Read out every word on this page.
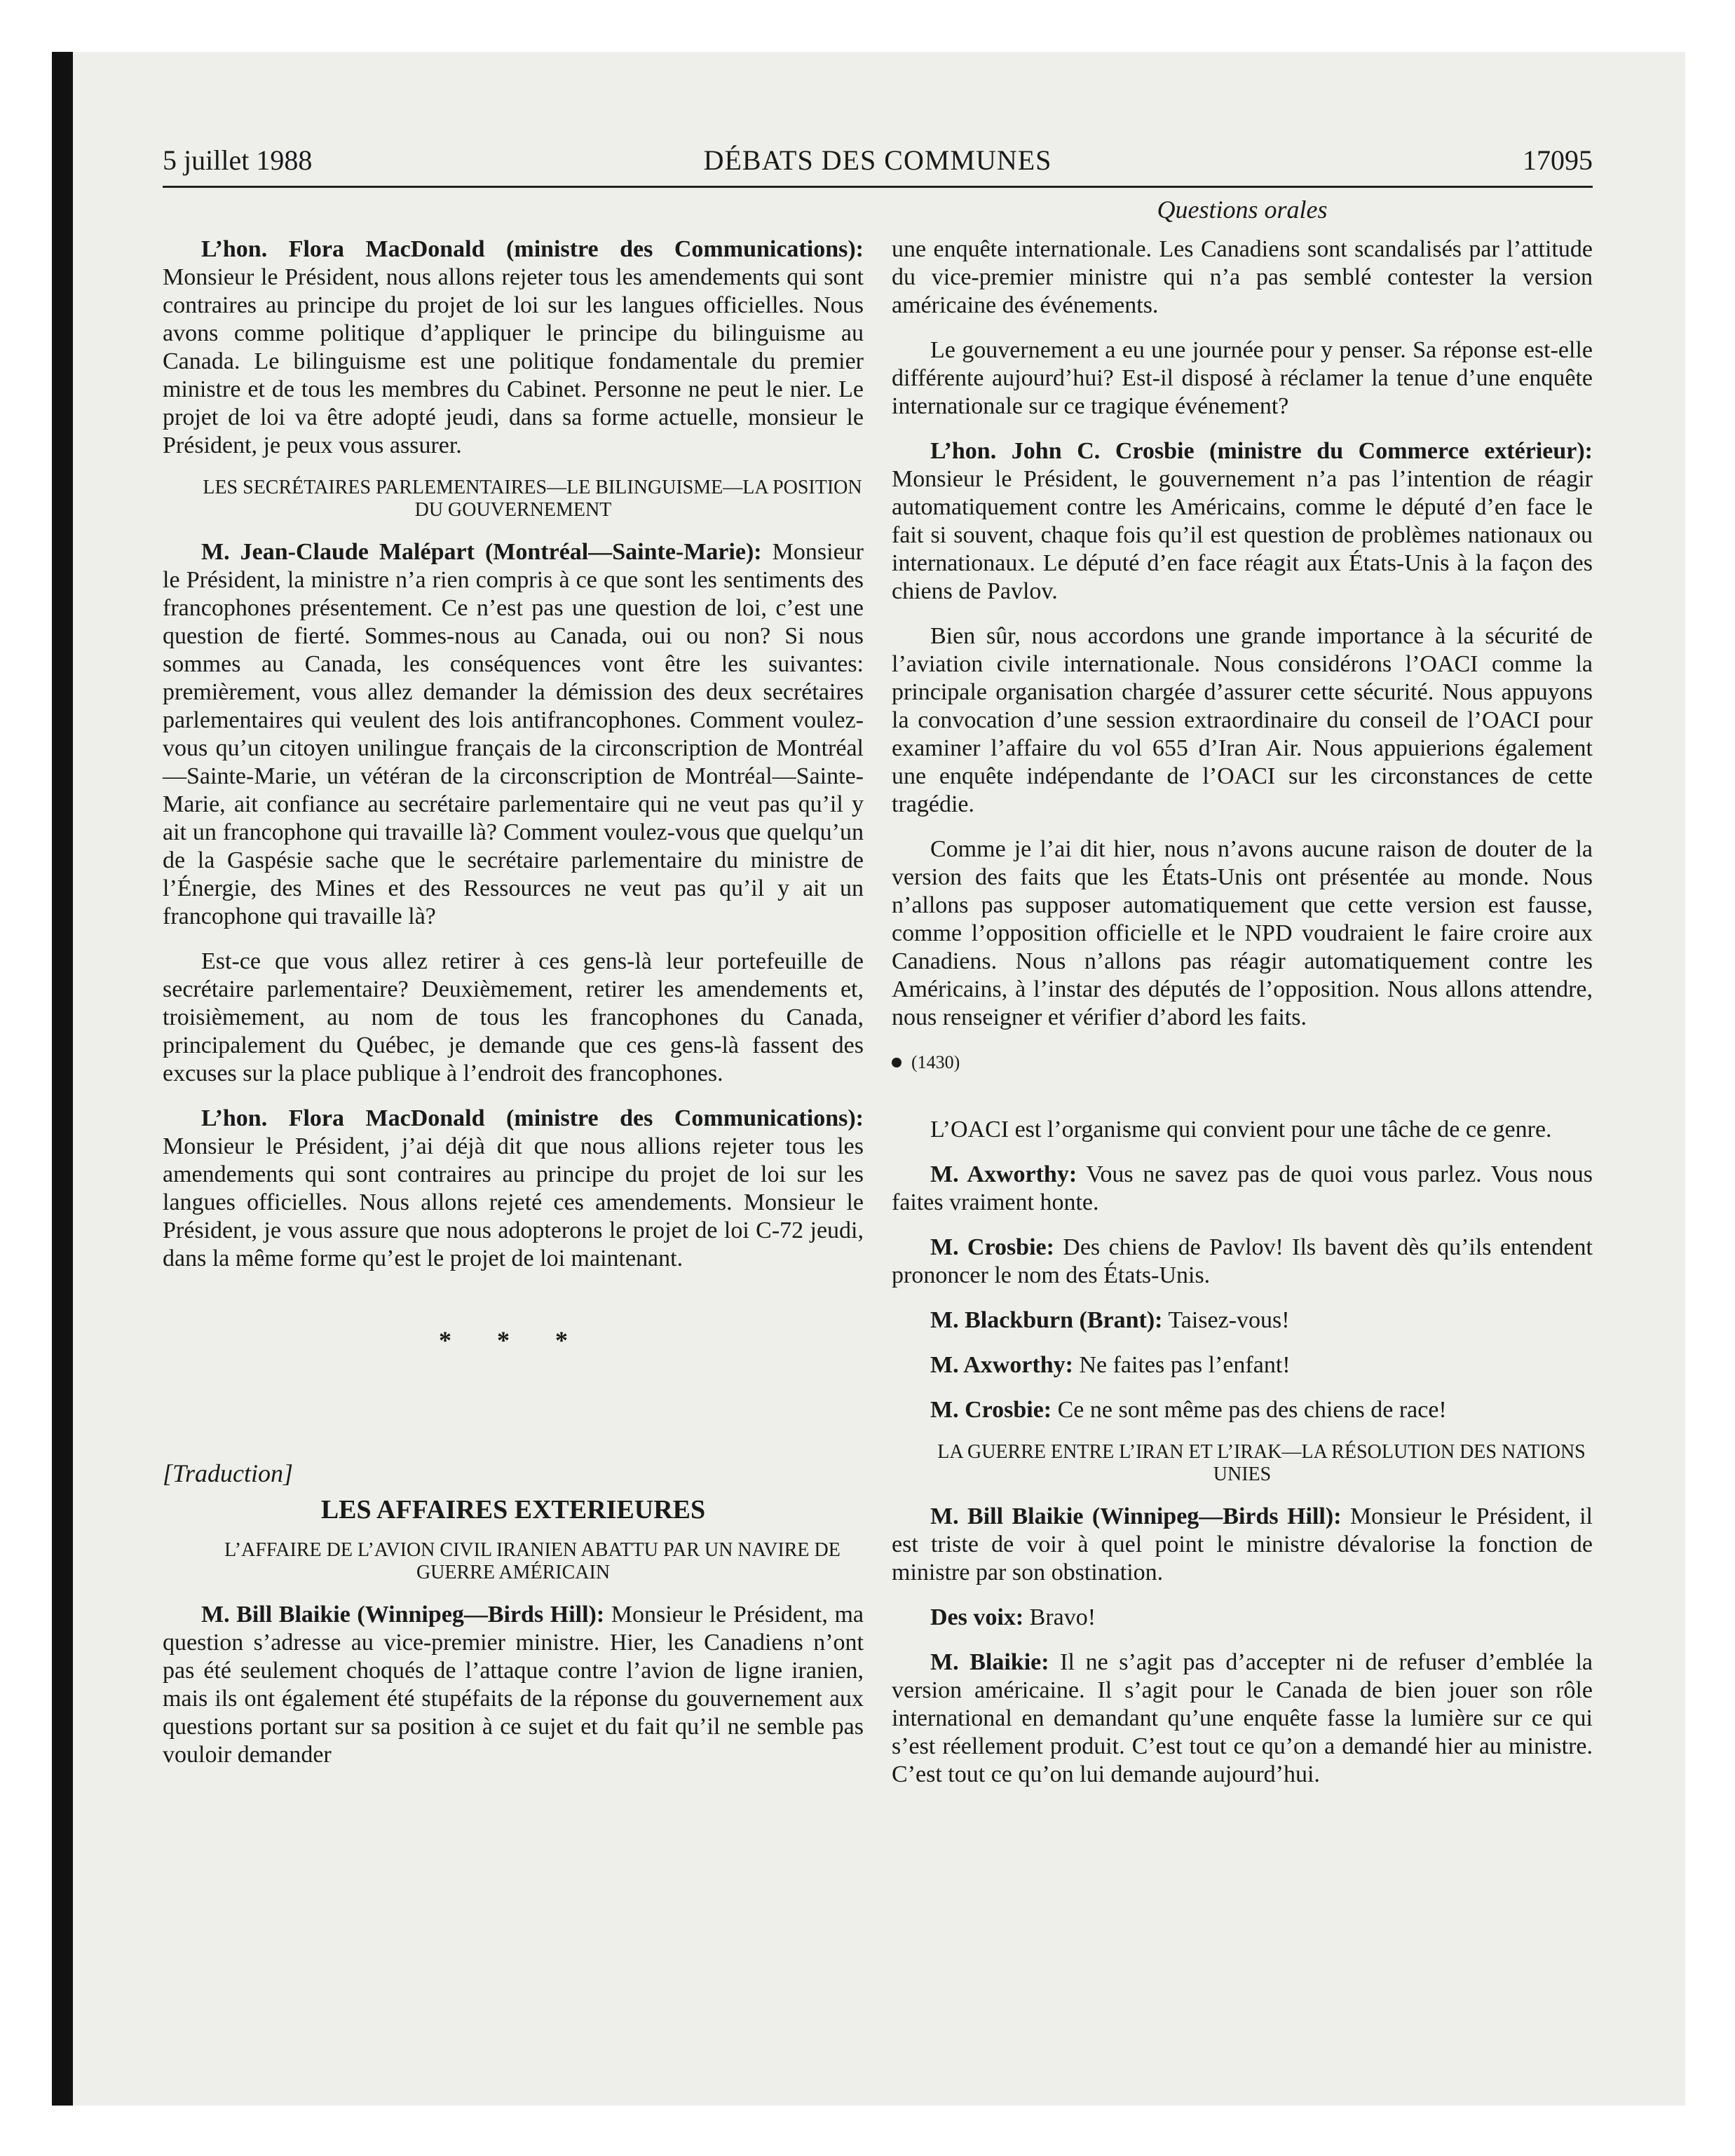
5 juillet 1988	DÉBATS DES COMMUNES	17095
Questions orales

L’hon. Flora MacDonald (ministre des Communications): Monsieur le Président, nous allons rejeter tous les amendements qui sont contraires au principe du projet de loi sur les langues officielles. Nous avons comme politique d’appliquer le principe du bilinguisme au Canada. Le bilinguisme est une politique fondamentale du premier ministre et de tous les membres du Cabinet. Personne ne peut le nier. Le projet de loi va être adopté jeudi, dans sa forme actuelle, monsieur le Président, je peux vous assurer.

LES SECRÉTAIRES PARLEMENTAIRES—LE BILINGUISME—LA POSITION DU GOUVERNEMENT

M. Jean-Claude Malépart (Montréal—Sainte-Marie): Monsieur le Président, la ministre n’a rien compris à ce que sont les sentiments des francophones présentement. Ce n’est pas une question de loi, c’est une question de fierté. Sommes-nous au Canada, oui ou non? Si nous sommes au Canada, les conséquences vont être les suivantes: premièrement, vous allez demander la démission des deux secrétaires parlementaires qui veulent des lois antifrancophones. Comment voulez-vous qu’un citoyen unilingue français de la circonscription de Montréal—Sainte-Marie, un vétéran de la circonscription de Montréal—Sainte-Marie, ait confiance au secrétaire parlementaire qui ne veut pas qu’il y ait un francophone qui travaille là? Comment voulez-vous que quelqu’un de la Gaspésie sache que le secrétaire parlementaire du ministre de l’Énergie, des Mines et des Ressources ne veut pas qu’il y ait un francophone qui travaille là?

Est-ce que vous allez retirer à ces gens-là leur portefeuille de secrétaire parlementaire? Deuxièmement, retirer les amendements et, troisièmement, au nom de tous les francophones du Canada, principalement du Québec, je demande que ces gens-là fassent des excuses sur la place publique à l’endroit des francophones.

L’hon. Flora MacDonald (ministre des Communications): Monsieur le Président, j’ai déjà dit que nous allions rejeter tous les amendements qui sont contraires au principe du projet de loi sur les langues officielles. Nous allons rejeté ces amendements. Monsieur le Président, je vous assure que nous adopterons le projet de loi C-72 jeudi, dans la même forme qu’est le projet de loi maintenant.

* * *
[Traduction]
LES AFFAIRES EXTERIEURES

L’AFFAIRE DE L’AVION CIVIL IRANIEN ABATTU PAR UN NAVIRE DE GUERRE AMÉRICAIN

M. Bill Blaikie (Winnipeg—Birds Hill): Monsieur le Président, ma question s’adresse au vice-premier ministre. Hier, les Canadiens n’ont pas été seulement choqués de l’attaque contre l’avion de ligne iranien, mais ils ont également été stupéfaits de la réponse du gouvernement aux questions portant sur sa position à ce sujet et du fait qu’il ne semble pas vouloir demander

une enquête internationale. Les Canadiens sont scandalisés par l’attitude du vice-premier ministre qui n’a pas semblé contester la version américaine des événements.

Le gouvernement a eu une journée pour y penser. Sa réponse est-elle différente aujourd’hui? Est-il disposé à réclamer la tenue d’une enquête internationale sur ce tragique événement?

L’hon. John C. Crosbie (ministre du Commerce extérieur): Monsieur le Président, le gouvernement n’a pas l’intention de réagir automatiquement contre les Américains, comme le député d’en face le fait si souvent, chaque fois qu’il est question de problèmes nationaux ou internationaux. Le député d’en face réagit aux États-Unis à la façon des chiens de Pavlov.

Bien sûr, nous accordons une grande importance à la sécurité de l’aviation civile internationale. Nous considérons l’OACI comme la principale organisation chargée d’assurer cette sécurité. Nous appuyons la convocation d’une session extraordinaire du conseil de l’OACI pour examiner l’affaire du vol 655 d’Iran Air. Nous appuierions également une enquête indépendante de l’OACI sur les circonstances de cette tragédie.

Comme je l’ai dit hier, nous n’avons aucune raison de douter de la version des faits que les États-Unis ont présentée au monde. Nous n’allons pas supposer automatiquement que cette version est fausse, comme l’opposition officielle et le NPD voudraient le faire croire aux Canadiens. Nous n’allons pas réagir automatiquement contre les Américains, à l’instar des députés de l’opposition. Nous allons attendre, nous renseigner et vérifier d’abord les faits.

(1430)

L’OACI est l’organisme qui convient pour une tâche de ce genre.

M. Axworthy: Vous ne savez pas de quoi vous parlez. Vous nous faites vraiment honte.

M. Crosbie: Des chiens de Pavlov! Ils bavent dès qu’ils entendent prononcer le nom des États-Unis.

M. Blackburn (Brant): Taisez-vous!

M. Axworthy: Ne faites pas l’enfant!

M. Crosbie: Ce ne sont même pas des chiens de race!

LA GUERRE ENTRE L’IRAN ET L’IRAK—LA RÉSOLUTION DES NATIONS UNIES

M. Bill Blaikie (Winnipeg—Birds Hill): Monsieur le Président, il est triste de voir à quel point le ministre dévalorise la fonction de ministre par son obstination.

Des voix: Bravo!

M. Blaikie: Il ne s’agit pas d’accepter ni de refuser d’emblée la version américaine. Il s’agit pour le Canada de bien jouer son rôle international en demandant qu’une enquête fasse la lumière sur ce qui s’est réellement produit. C’est tout ce qu’on a demandé hier au ministre. C’est tout ce qu’on lui demande aujourd’hui.
